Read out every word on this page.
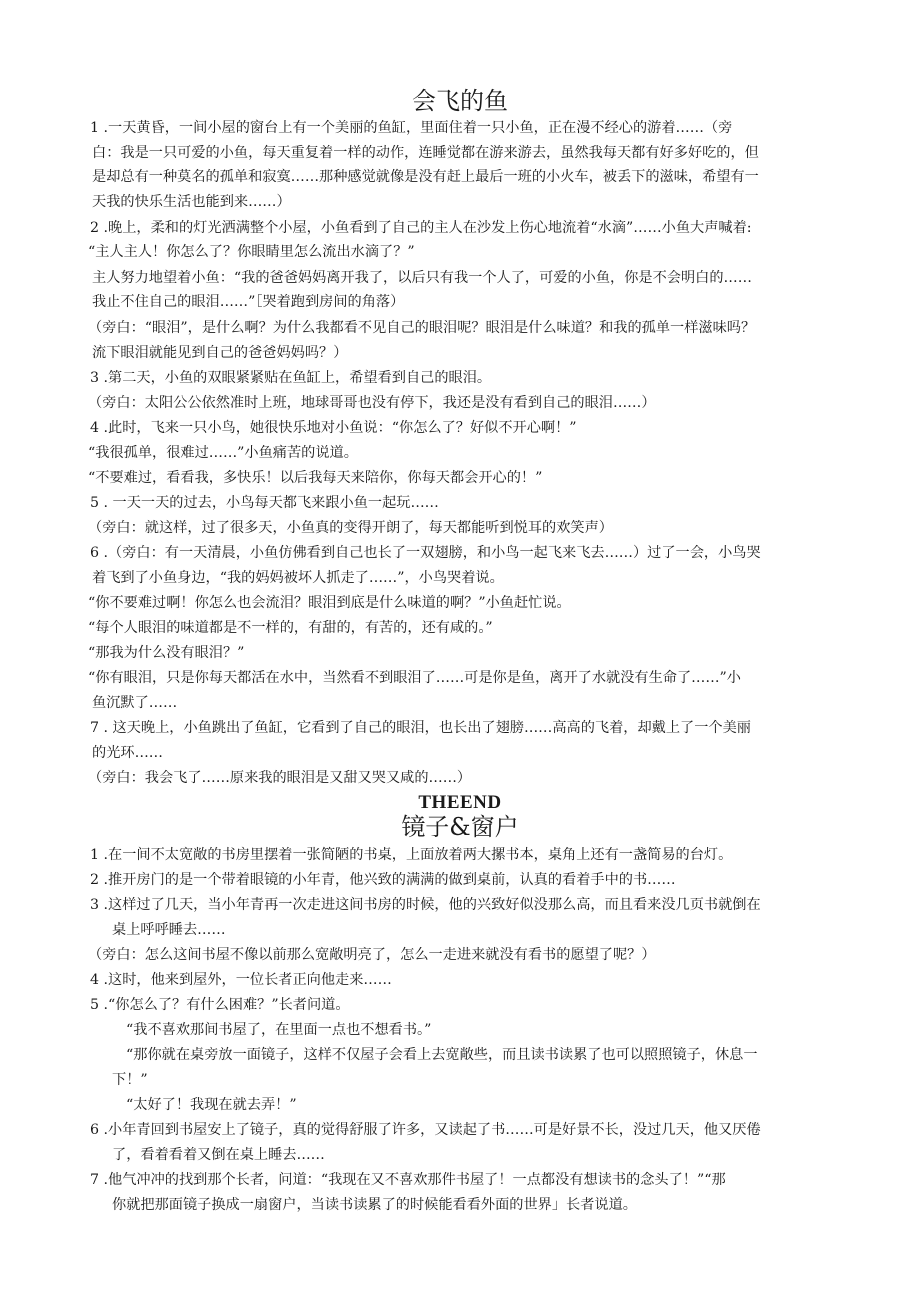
会飞的鱼
1 .一天黄昏，一间小屋的窗台上有一个美丽的鱼缸，里面住着一只小鱼，正在漫不经心的游着……（旁
白：我是一只可爱的小鱼，每天重复着一样的动作，连睡觉都在游来游去，虽然我每天都有好多好吃的，但
是却总有一种莫名的孤单和寂寞……那种感觉就像是没有赶上最后一班的小火车，被丢下的滋味，希望有一
天我的快乐生活也能到来……）
2 .晚上，柔和的灯光洒满整个小屋，小鱼看到了自己的主人在沙发上伤心地流着“水滴”……小鱼大声喊着:
“主人主人！你怎么了？你眼睛里怎么流出水滴了？”
主人努力地望着小鱼：“我的爸爸妈妈离开我了，以后只有我一个人了，可爱的小鱼，你是不会明白的……
我止不住自己的眼泪……”［哭着跑到房间的角落）
（旁白：“眼泪”，是什么啊？为什么我都看不见自己的眼泪呢？眼泪是什么味道？和我的孤单一样滋味吗？
流下眼泪就能见到自己的爸爸妈妈吗？）
3 .第二天，小鱼的双眼紧紧贴在鱼缸上，希望看到自己的眼泪。
（旁白：太阳公公依然准时上班，地球哥哥也没有停下，我还是没有看到自己的眼泪……）
4 .此时，飞来一只小鸟，她很快乐地对小鱼说：“你怎么了？好似不开心啊！”
“我很孤单，很难过……”小鱼痛苦的说道。
“不要难过，看看我，多快乐！以后我每天来陪你，你每天都会开心的！”
5 . 一天一天的过去，小鸟每天都飞来跟小鱼一起玩……
（旁白：就这样，过了很多天，小鱼真的变得开朗了，每天都能听到悦耳的欢笑声）
6 .（旁白：有一天清晨，小鱼仿佛看到自己也长了一双翅膀，和小鸟一起飞来飞去……）过了一会，小鸟哭
着飞到了小鱼身边，“我的妈妈被坏人抓走了……”，小鸟哭着说。
“你不要难过啊！你怎么也会流泪？眼泪到底是什么味道的啊？”小鱼赶忙说。
“每个人眼泪的味道都是不一样的，有甜的，有苦的，还有咸的。”
“那我为什么没有眼泪？”
“你有眼泪，只是你每天都活在水中，当然看不到眼泪了……可是你是鱼，离开了水就没有生命了……”小
鱼沉默了……
7 . 这天晚上，小鱼跳出了鱼缸，它看到了自己的眼泪，也长出了翅膀……高高的飞着，却戴上了一个美丽
的光环……
（旁白：我会飞了……原来我的眼泪是又甜又哭又咸的……）
THEEND
镜子&窗户
1 .在一间不太宽敞的书房里摆着一张简陋的书桌，上面放着两大摞书本，桌角上还有一盏简易的台灯。
2 .推开房门的是一个带着眼镜的小年青，他兴致的满满的做到桌前，认真的看着手中的书……
3 .这样过了几天，当小年青再一次走进这间书房的时候，他的兴致好似没那么高，而且看来没几页书就倒在
桌上呼呼睡去……
（旁白：怎么这间书屋不像以前那么宽敞明亮了，怎么一走进来就没有看书的愿望了呢？）
4 .这时，他来到屋外，一位长者正向他走来……
5 .“你怎么了？有什么困难？”长者问道。
“我不喜欢那间书屋了，在里面一点也不想看书。”
“那你就在桌旁放一面镜子，这样不仅屋子会看上去宽敞些，而且读书读累了也可以照照镜子，休息一
下！”
“太好了！我现在就去弄！”
6 .小年青回到书屋安上了镜子，真的觉得舒服了许多，又读起了书……可是好景不长，没过几天，他又厌倦
了，看着看着又倒在桌上睡去……
7 .他气冲冲的找到那个长者，问道：“我现在又不喜欢那件书屋了！一点都没有想读书的念头了！”“那
你就把那面镜子换成一扇窗户，当读书读累了的时候能看看外面的世界」长者说道。
